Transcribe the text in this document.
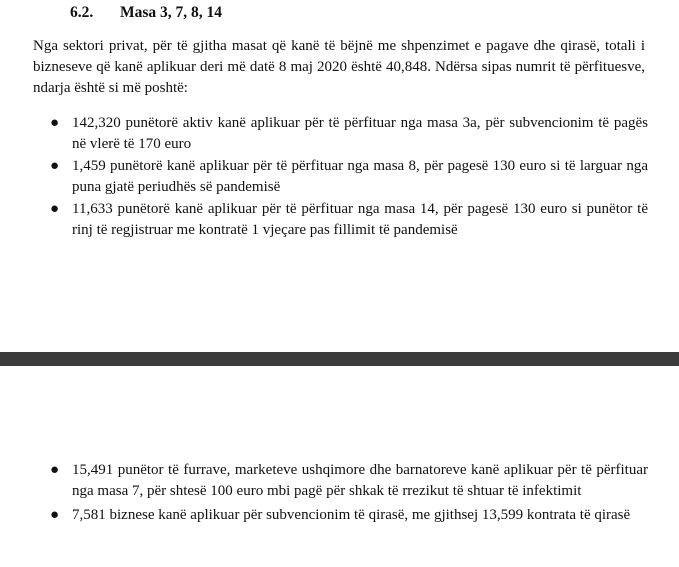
6.2. Masa 3, 7, 8, 14
Nga sektori privat, për të gjitha masat që kanë të bëjnë me shpenzimet e pagave dhe qirasë, totali i bizneseve që kanë aplikuar deri më datë 8 maj 2020 është 40,848. Ndërsa sipas numrit të përfituesve, ndarja është si më poshtë:
● 142,320 punëtorë aktiv kanë aplikuar për të përfituar nga masa 3a, për subvencionim të pagës në vlerë të 170 euro
● 1,459 punëtorë kanë aplikuar për të përfituar nga masa 8, për pagesë 130 euro si të larguar nga puna gjatë periudhës së pandemisë
● 11,633 punëtorë kanë aplikuar për të përfituar nga masa 14, për pagesë 130 euro si punëtor të rinj të regjistruar me kontratë 1 vjeçare pas fillimit të pandemisë
● 15,491 punëtor të furrave, marketeve ushqimore dhe barnatoreve kanë aplikuar për të përfituar nga masa 7, për shtesë 100 euro mbi pagë për shkak të rrezikut të shtuar të infektimit
● 7,581 biznese kanë aplikuar për subvencionim të qirasë, me gjithsej 13,599 kontrata të qirasë
